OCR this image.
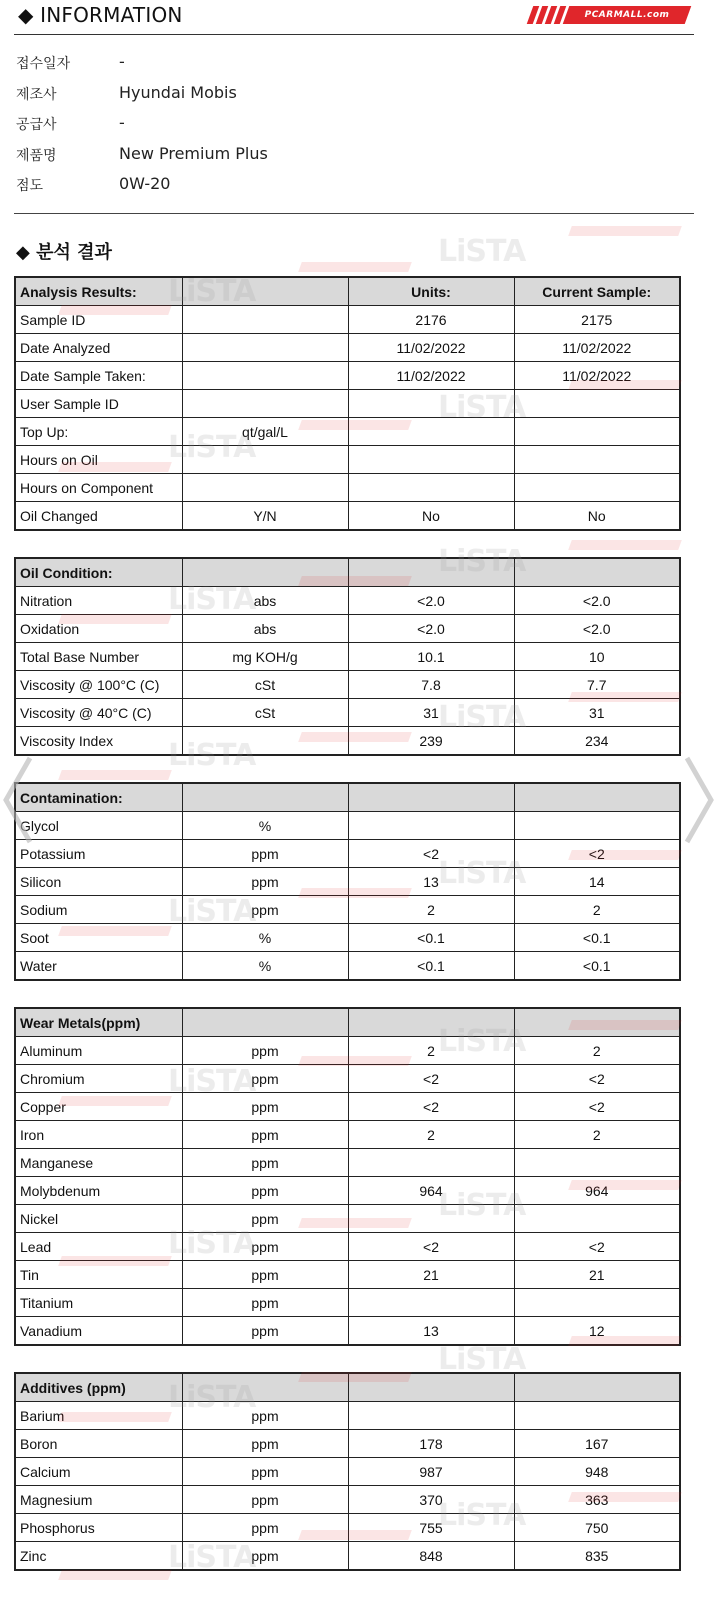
◆ INFORMATION	PCARMALL.com
접수일자	-
제조사	Hyundai Mobis
공급사	-
제품명	New Premium Plus
점도	0W-20
◆ 분석 결과
Analysis Results:		Units:	Current Sample:
Sample ID		2176	2175
Date Analyzed		11/02/2022	11/02/2022
Date Sample Taken:		11/02/2022	11/02/2022
User Sample ID			
Top Up:	qt/gal/L		
Hours on Oil			
Hours on Component			
Oil Changed	Y/N	No	No
Oil Condition:			
Nitration	abs	<2.0	<2.0
Oxidation	abs	<2.0	<2.0
Total Base Number	mg KOH/g	10.1	10
Viscosity @ 100°C (C)	cSt	7.8	7.7
Viscosity @ 40°C (C)	cSt	31	31
Viscosity Index		239	234
Contamination:			
Glycol	%		
Potassium	ppm	<2	<2
Silicon	ppm	13	14
Sodium	ppm	2	2
Soot	%	<0.1	<0.1
Water	%	<0.1	<0.1
Wear Metals(ppm)			
Aluminum	ppm	2	2
Chromium	ppm	<2	<2
Copper	ppm	<2	<2
Iron	ppm	2	2
Manganese	ppm		
Molybdenum	ppm	964	964
Nickel	ppm		
Lead	ppm	<2	<2
Tin	ppm	21	21
Titanium	ppm		
Vanadium	ppm	13	12
Additives (ppm)			
Barium	ppm		
Boron	ppm	178	167
Calcium	ppm	987	948
Magnesium	ppm	370	363
Phosphorus	ppm	755	750
Zinc	ppm	848	835
LiSTA
LiSTA
LiSTA
LiSTA
LiSTA
LiSTA
LiSTA
LiSTA
LiSTA
LiSTA
LiSTA
LiSTA
LiSTA
LiSTA
LiSTA
